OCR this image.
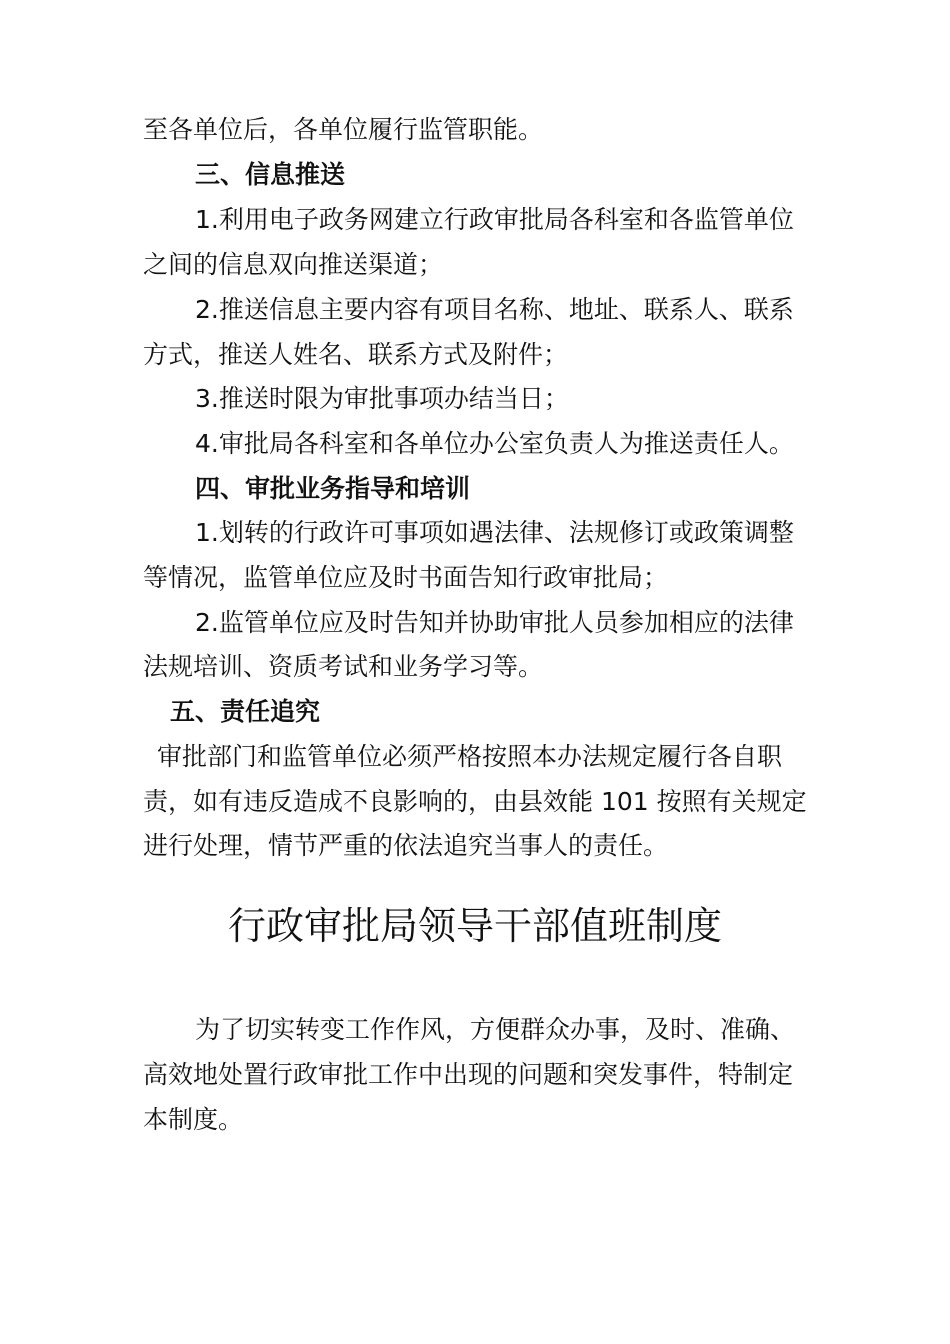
至各单位后，各单位履行监管职能。
三、信息推送
1.利用电子政务网建立行政审批局各科室和各监管单位
之间的信息双向推送渠道；
2.推送信息主要内容有项目名称、地址、联系人、联系
方式，推送人姓名、联系方式及附件；
3.推送时限为审批事项办结当日；
4.审批局各科室和各单位办公室负责人为推送责任人。
四、审批业务指导和培训
1.划转的行政许可事项如遇法律、法规修订或政策调整
等情况，监管单位应及时书面告知行政审批局；
2.监管单位应及时告知并协助审批人员参加相应的法律
法规培训、资质考试和业务学习等。
五、责任追究
审批部门和监管单位必须严格按照本办法规定履行各自职
责，如有违反造成不良影响的，由县效能 101 按照有关规定
进行处理，情节严重的依法追究当事人的责任。
行政审批局领导干部值班制度
为了切实转变工作作风，方便群众办事，及时、准确、
高效地处置行政审批工作中出现的问题和突发事件，特制定
本制度。
